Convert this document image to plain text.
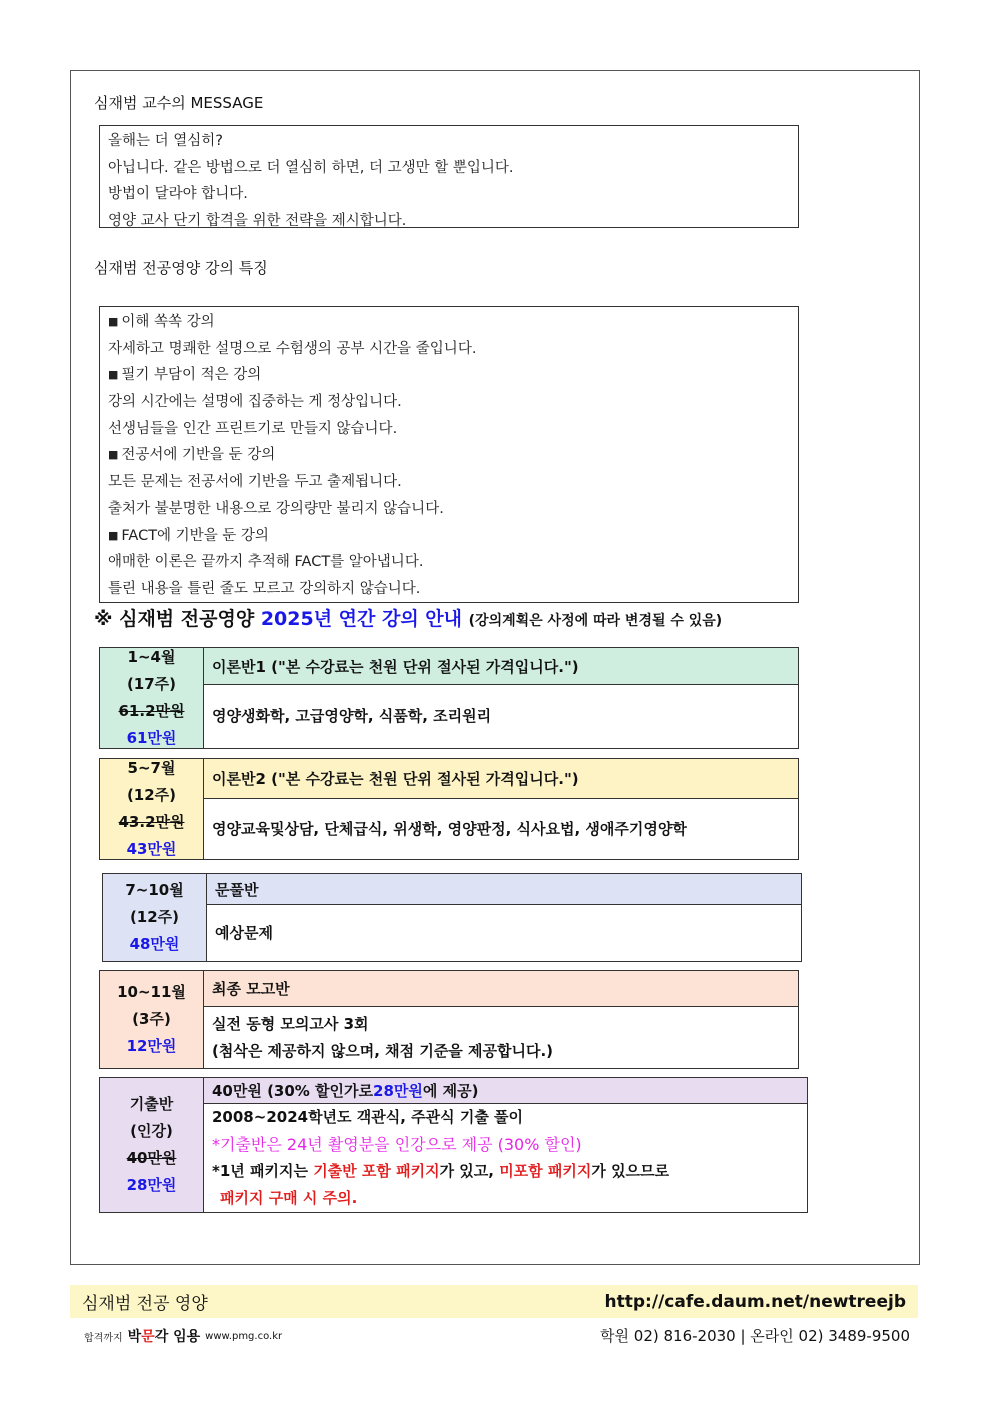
심재범 교수의 MESSAGE
올해는 더 열심히?
아닙니다. 같은 방법으로 더 열심히 하면, 더 고생만 할 뿐입니다.
방법이 달라야 합니다.
영양 교사 단기 합격을 위한 전략을 제시합니다.
심재범 전공영양 강의 특징
■ 이해 쏙쏙 강의
자세하고 명쾌한 설명으로 수험생의 공부 시간을 줄입니다.
■ 필기 부담이 적은 강의
강의 시간에는 설명에 집중하는 게 정상입니다.
선생님들을 인간 프린트기로 만들지 않습니다.
■ 전공서에 기반을 둔 강의
모든 문제는 전공서에 기반을 두고 출제됩니다.
출처가 불분명한 내용으로 강의량만 불리지 않습니다.
■ FACT에 기반을 둔 강의
애매한 이론은 끝까지 추적해 FACT를 알아냅니다.
틀린 내용을 틀린 줄도 모르고 강의하지 않습니다.
※ 심재범 전공영양 2025년 연간 강의 안내 (강의계획은 사정에 따라 변경될 수 있음)
1~4월
(17주)
61.2만원
61만원
이론반1 ("본 수강료는 천원 단위 절사된 가격입니다.")
영양생화학, 고급영양학, 식품학, 조리원리
5~7월
(12주)
43.2만원
43만원
이론반2 ("본 수강료는 천원 단위 절사된 가격입니다.")
영양교육및상담, 단체급식, 위생학, 영양판정, 식사요법, 생애주기영양학
7~10월
(12주)
48만원
문풀반
예상문제
10~11월
(3주)
12만원
최종 모고반
실전 동형 모의고사 3회
(첨삭은 제공하지 않으며, 채점 기준을 제공합니다.)
기출반
(인강)
40만원
28만원
40만원 (30% 할인가로 28만원 에 제공)
2008~2024학년도 객관식, 주관식 기출 풀이
*기출반은 24년 촬영분을 인강으로 제공 (30% 할인)
*1년 패키지는 기출반 포함 패키지가 있고, 미포함 패키지가 있으므로
패키지 구매 시 주의.
심재범 전공 영양	http://cafe.daum.net/newtreejb
합격까지 박문각 임용 www.pmg.co.kr	학원 02) 816-2030 | 온라인 02) 3489-9500
